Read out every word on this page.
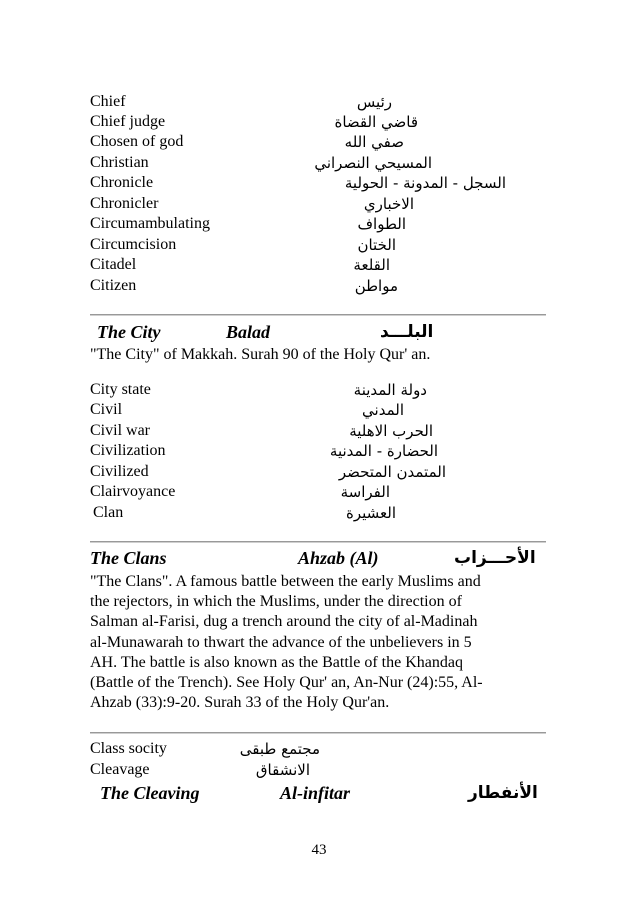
Chief	رئيس
Chief judge	قاضي القضاة
Chosen of god	صفي الله
Christian	المسيحي النصراني
Chronicle	السجل - المدونة - الحولية
Chronicler	الاخباري
Circumambulating	الطواف
Circumcision	الختان
Citadel	القلعة
Citizen	مواطن
The City	Balad	البلـــد
"The City" of Makkah. Surah 90 of the Holy Qur' an.
City state	دولة المدينة
Civil	المدني
Civil war	الحرب الاهلية
Civilization	الحضارة - المدنية
Civilized	المتمدن المتحضر
Clairvoyance	الفراسة
Clan	العشيرة
The Clans	Ahzab (Al)	الأحـــزاب
"The Clans". A famous battle between the early Muslims and
the rejectors, in which the Muslims, under the direction of
Salman al-Farisi, dug a trench around the city of al-Madinah
al-Munawarah to thwart the advance of the unbelievers in 5
AH. The battle is also known as the Battle of the Khandaq
(Battle of the Trench). See Holy Qur' an, An-Nur (24):55, Al-
Ahzab (33):9-20. Surah 33 of the Holy Qur'an.
Class socity	مجتمع طبقى
Cleavage	الانشقاق
The Cleaving	Al-infitar	الأنفطار
43
